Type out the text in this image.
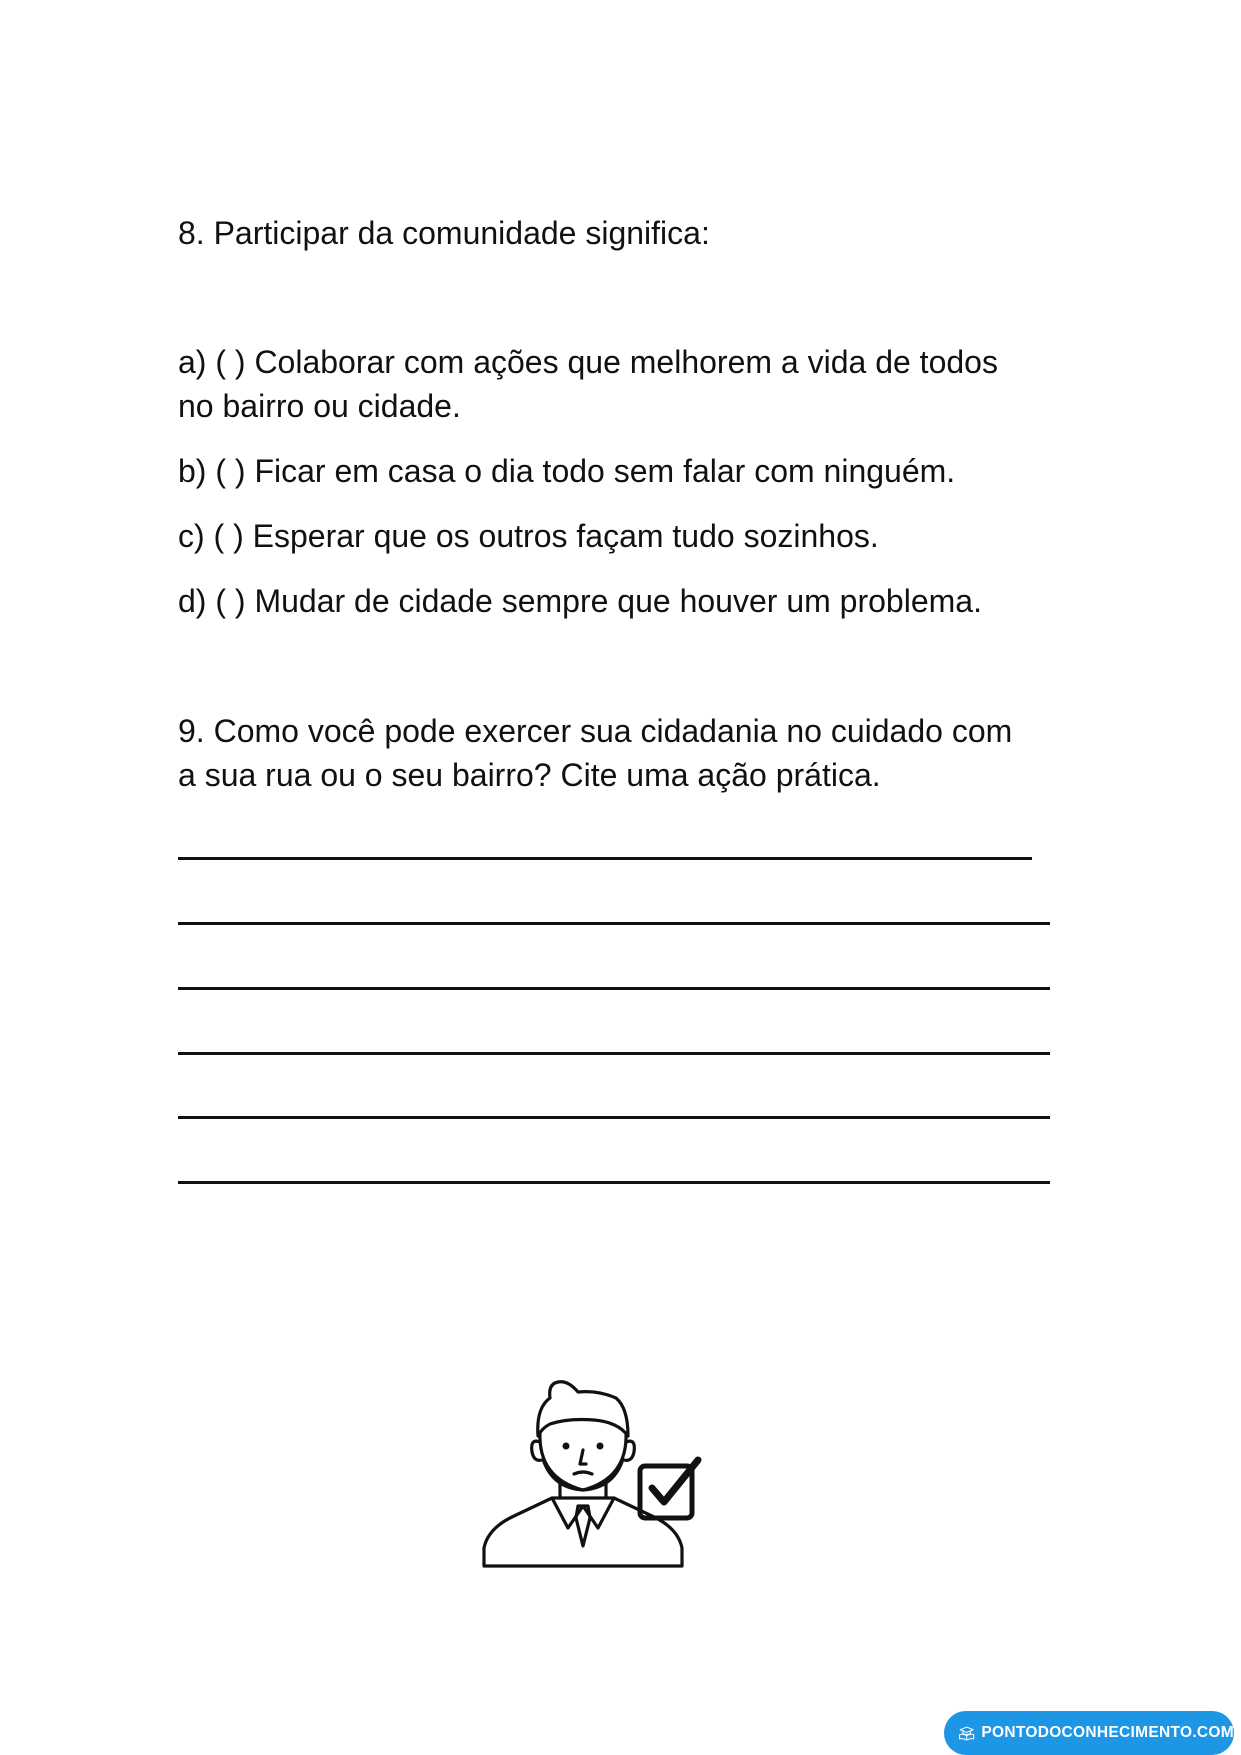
8. Participar da comunidade significa:
a) ( ) Colaborar com ações que melhorem a vida de todos
no bairro ou cidade.
b) ( ) Ficar em casa o dia todo sem falar com ninguém.
c) ( ) Esperar que os outros façam tudo sozinhos.
d) ( ) Mudar de cidade sempre que houver um problema.
9. Como você pode exercer sua cidadania no cuidado com
a sua rua ou o seu bairro? Cite uma ação prática.
PONTODOCONHECIMENTO.COM
